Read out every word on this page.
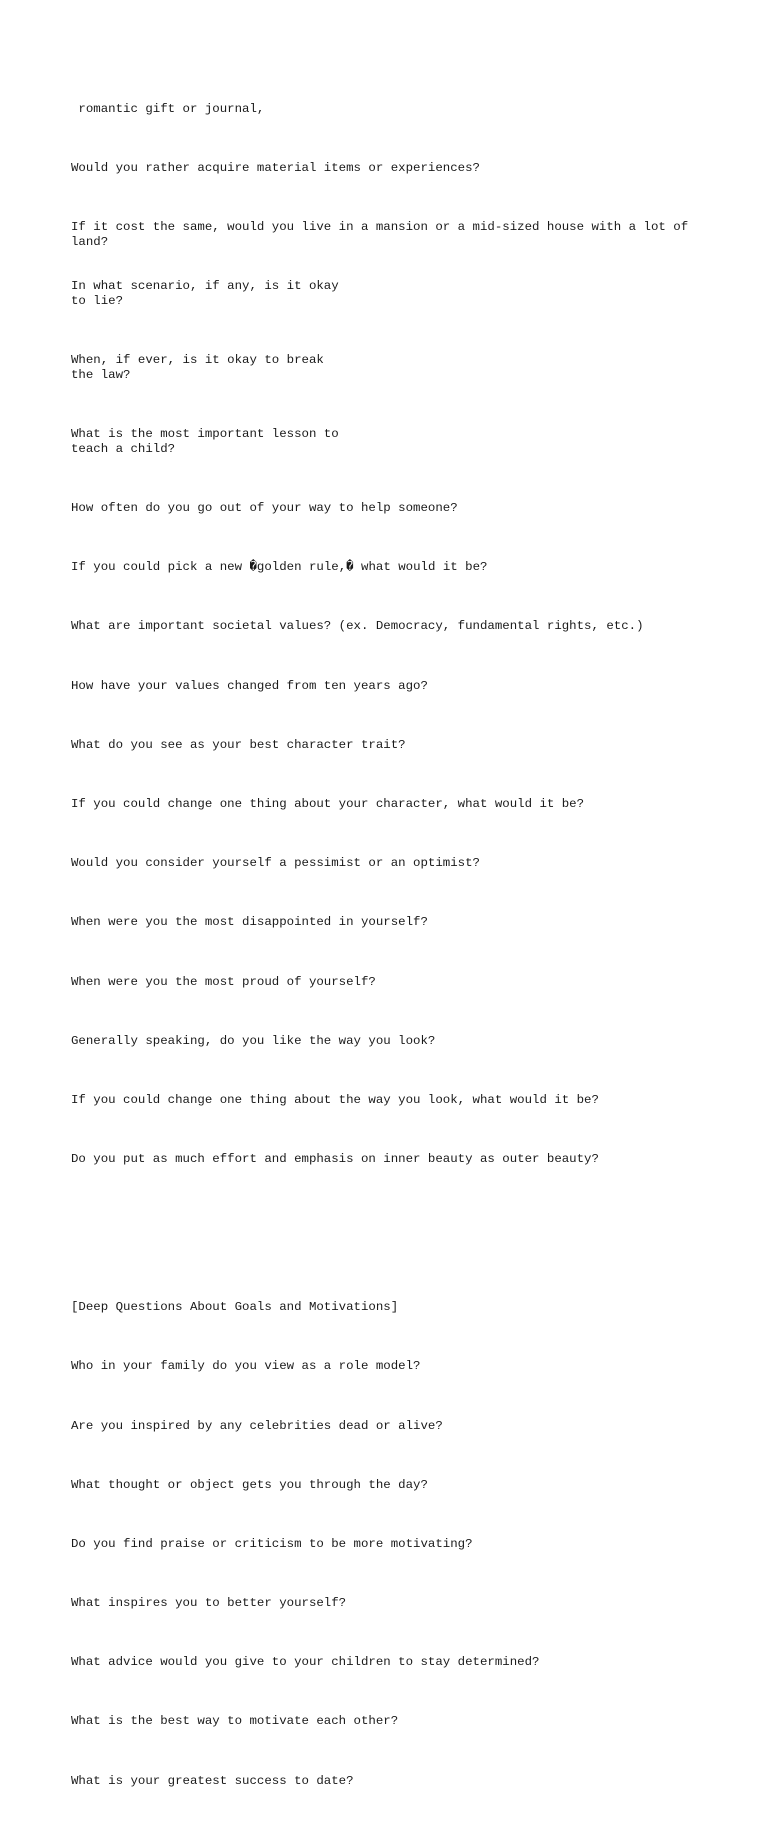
romantic gift or journal,

Would you rather acquire material items or experiences?

If it cost the same, would you live in a mansion or a mid-sized house with a lot of
land?

In what scenario, if any, is it okay
to lie?

When, if ever, is it okay to break
the law?

What is the most important lesson to
teach a child?

How often do you go out of your way to help someone?

If you could pick a new �golden rule,� what would it be?

What are important societal values? (ex. Democracy, fundamental rights, etc.)

How have your values changed from ten years ago?

What do you see as your best character trait?

If you could change one thing about your character, what would it be?

Would you consider yourself a pessimist or an optimist?

When were you the most disappointed in yourself?

When were you the most proud of yourself?

Generally speaking, do you like the way you look?

If you could change one thing about the way you look, what would it be?

Do you put as much effort and emphasis on inner beauty as outer beauty?

[Deep Questions About Goals and Motivations]

Who in your family do you view as a role model?

Are you inspired by any celebrities dead or alive?

What thought or object gets you through the day?

Do you find praise or criticism to be more motivating?

What inspires you to better yourself?

What advice would you give to your children to stay determined?

What is the best way to motivate each other?

What is your greatest success to date?
